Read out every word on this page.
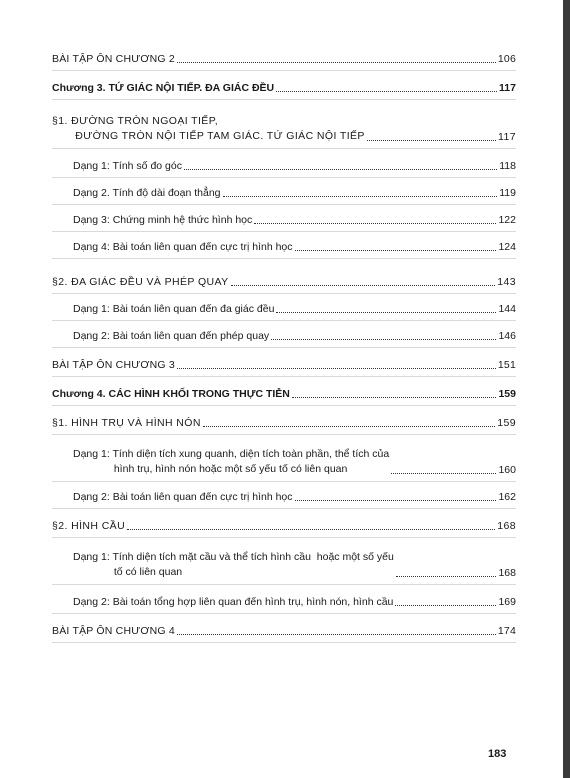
BÀI TẬP ÔN CHƯƠNG 2	106
Chương 3. TỨ GIÁC NỘI TIẾP. ĐA GIÁC ĐỀU	117
§1. ĐƯỜNG TRÒN NGOẠI TIẾP,
ĐƯỜNG TRÒN NỘI TIẾP TAM GIÁC. TỨ GIÁC NỘI TIẾP	117
Dạng 1: Tính số đo góc	118
Dạng 2. Tính độ dài đoạn thẳng	119
Dạng 3: Chứng minh hệ thức hình học	122
Dạng 4: Bài toán liên quan đến cực trị hình học	124
§2. ĐA GIÁC ĐỀU VÀ PHÉP QUAY	143
Dạng 1: Bài toán liên quan đến đa giác đều	144
Dạng 2: Bài toán liên quan đến phép quay	146
BÀI TẬP ÔN CHƯƠNG 3	151
Chương 4. CÁC HÌNH KHỐI TRONG THỰC TIỄN	159
§1. HÌNH TRỤ VÀ HÌNH NÓN	159
Dạng 1: Tính diện tích xung quanh, diện tích toàn phần, thể tích của
hình trụ, hình nón hoặc một số yếu tố có liên quan	160
Dạng 2: Bài toán liên quan đến cực trị hình học	162
§2. HÌNH CẦU	168
Dạng 1: Tính diện tích mặt cầu và thể tích hình cầu  hoặc một số yếu
tố có liên quan	168
Dạng 2: Bài toán tổng hợp liên quan đến hình trụ, hình nón, hình cầu	169
BÀI TẬP ÔN CHƯƠNG 4	174
183
